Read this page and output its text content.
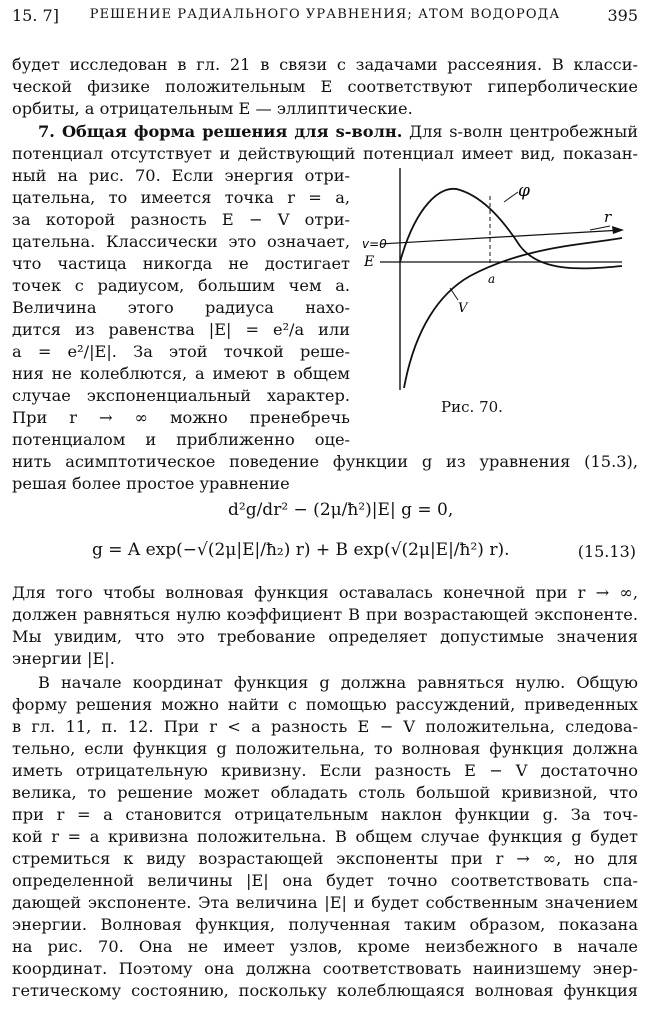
15. 7]	РЕШЕНИЕ РАДИАЛЬНОГО УРАВНЕНИЯ; АТОМ ВОДОРОДА	395
будет исследован в гл. 21 в связи с задачами рассеяния. В класси-
ческой физике положительным E соответствуют гиперболические
орбиты, а отрицательным E — эллиптические.
7. Общая форма решения для s-волн. Для s-волн центробежный
потенциал отсутствует и действующий потенциал имеет вид, показан-
ный на рис. 70. Если энергия отри-
цательна, то имеется точка r = a,
за которой разность E − V отри-
цательна. Классически это означает,
что частица никогда не достигает
точек с радиусом, большим чем a.
Величина этого радиуса нахо-
дится из равенства |E| = e²/a или
a = e²/|E|. За этой точкой реше-
ния не колеблются, а имеют в общем
случае экспоненциальный характер.
При r → ∞ можно пренебречь
потенциалом и приближенно оце-
v=0
E
a
φ
V
r
Рис. 70.
нить асимптотическое поведение функции g из уравнения (15.3),
решая более простое уравнение
d²g/dr² − (2μ/ħ²)|E| g = 0,
g = A exp(−√(2μ|E|/ħ₂) r) + B exp(√(2μ|E|/ħ²) r).	(15.13)
Для того чтобы волновая функция оставалась конечной при r → ∞,
должен равняться нулю коэффициент B при возрастающей экспоненте.
Мы увидим, что это требование определяет допустимые значения
энергии |E|.
В начале координат функция g должна равняться нулю. Общую
форму решения можно найти с помощью рассуждений, приведенных
в гл. 11, п. 12. При r < a разность E − V положительна, следова-
тельно, если функция g положительна, то волновая функция должна
иметь отрицательную кривизну. Если разность E − V достаточно
велика, то решение может обладать столь большой кривизной, что
при r = a становится отрицательным наклон функции g. За точ-
кой r = a кривизна положительна. В общем случае функция g будет
стремиться к виду возрастающей экспоненты при r → ∞, но для
определенной величины |E| она будет точно соответствовать спа-
дающей экспоненте. Эта величина |E| и будет собственным значением
энергии. Волновая функция, полученная таким образом, показана
на рис. 70. Она не имеет узлов, кроме неизбежного в начале
координат. Поэтому она должна соответствовать наинизшему энер-
гетическому состоянию, поскольку колеблющаяся волновая функция
